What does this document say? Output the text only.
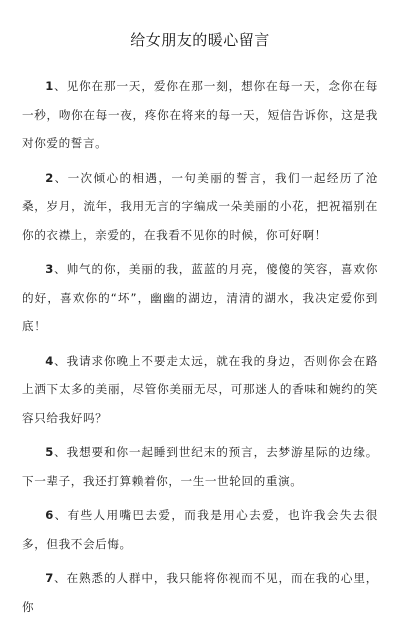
给女朋友的暖心留言

1、见你在那一天，爱你在那一刻，想你在每一天，念你在每一秒，吻你在每一夜，疼你在将来的每一天，短信告诉你，这是我对你爱的誓言。

2、一次倾心的相遇，一句美丽的誓言，我们一起经历了沧桑，岁月，流年，我用无言的字编成一朵美丽的小花，把祝福别在你的衣襟上，亲爱的，在我看不见你的时候，你可好啊！

3、帅气的你，美丽的我，蓝蓝的月亮，傻傻的笑容，喜欢你的好，喜欢你的“坏”，幽幽的湖边，清清的湖水，我决定爱你到底！

4、我请求你晚上不要走太远，就在我的身边，否则你会在路上洒下太多的美丽，尽管你美丽无尽，可那迷人的香味和婉约的笑容只给我好吗？

5、我想要和你一起睡到世纪末的预言，去梦游星际的边缘。下一辈子，我还打算赖着你，一生一世轮回的重演。

6、有些人用嘴巴去爱，而我是用心去爱，也许我会失去很多，但我不会后悔。

7、在熟悉的人群中，我只能将你视而不见，而在我的心里，你
